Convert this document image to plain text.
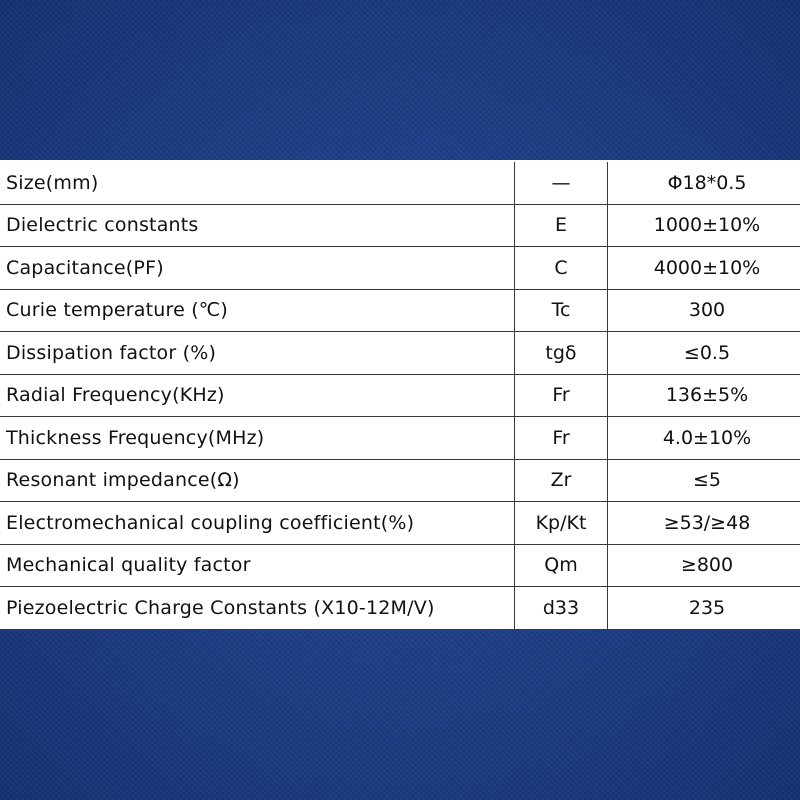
Size(mm)	—	Φ18*0.5
Dielectric constants	E	1000±10%
Capacitance(PF)	C	4000±10%
Curie temperature (℃)	Tc	300
Dissipation factor (%)	tgδ	≤0.5
Radial Frequency(KHz)	Fr	136±5%
Thickness Frequency(MHz)	Fr	4.0±10%
Resonant impedance(Ω)	Zr	≤5
Electromechanical coupling coefficient(%)	Kp/Kt	≥53/≥48
Mechanical quality factor	Qm	≥800
Piezoelectric Charge Constants (X10-12M/V)	d33	235
